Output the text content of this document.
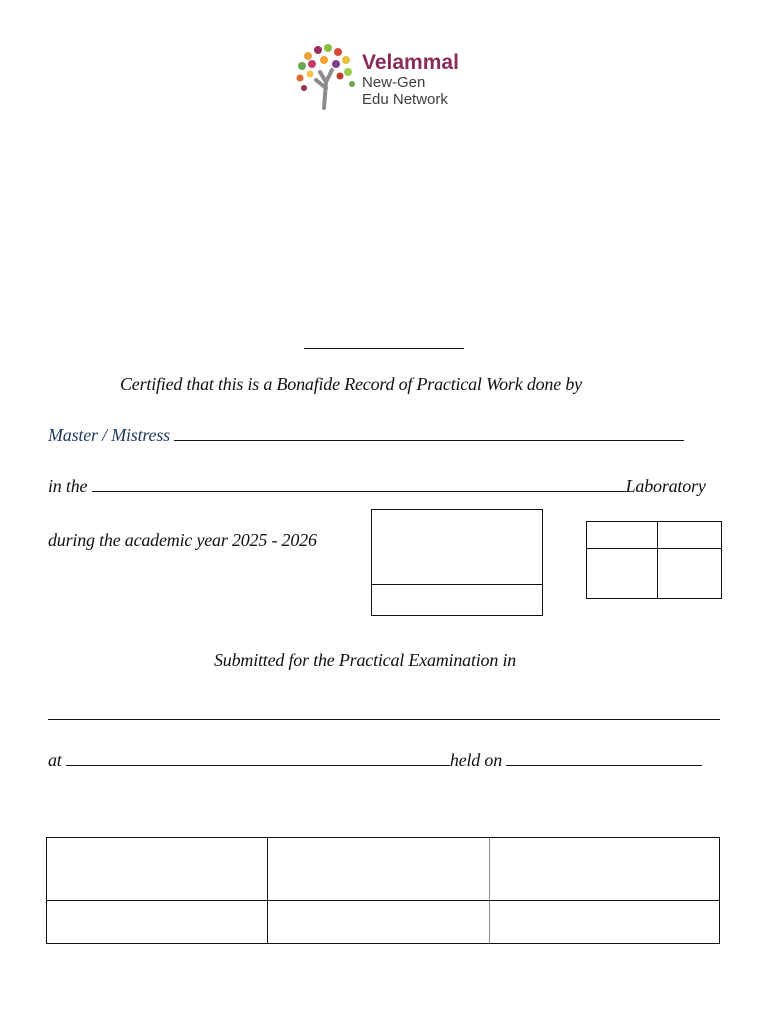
Velammal
New-Gen
Edu Network
Certified that this is a Bonafide Record of Practical Work done by
Master / Mistress
in the	Laboratory
during the academic year 2025 - 2026
Submitted for the Practical Examination in
at	held on
